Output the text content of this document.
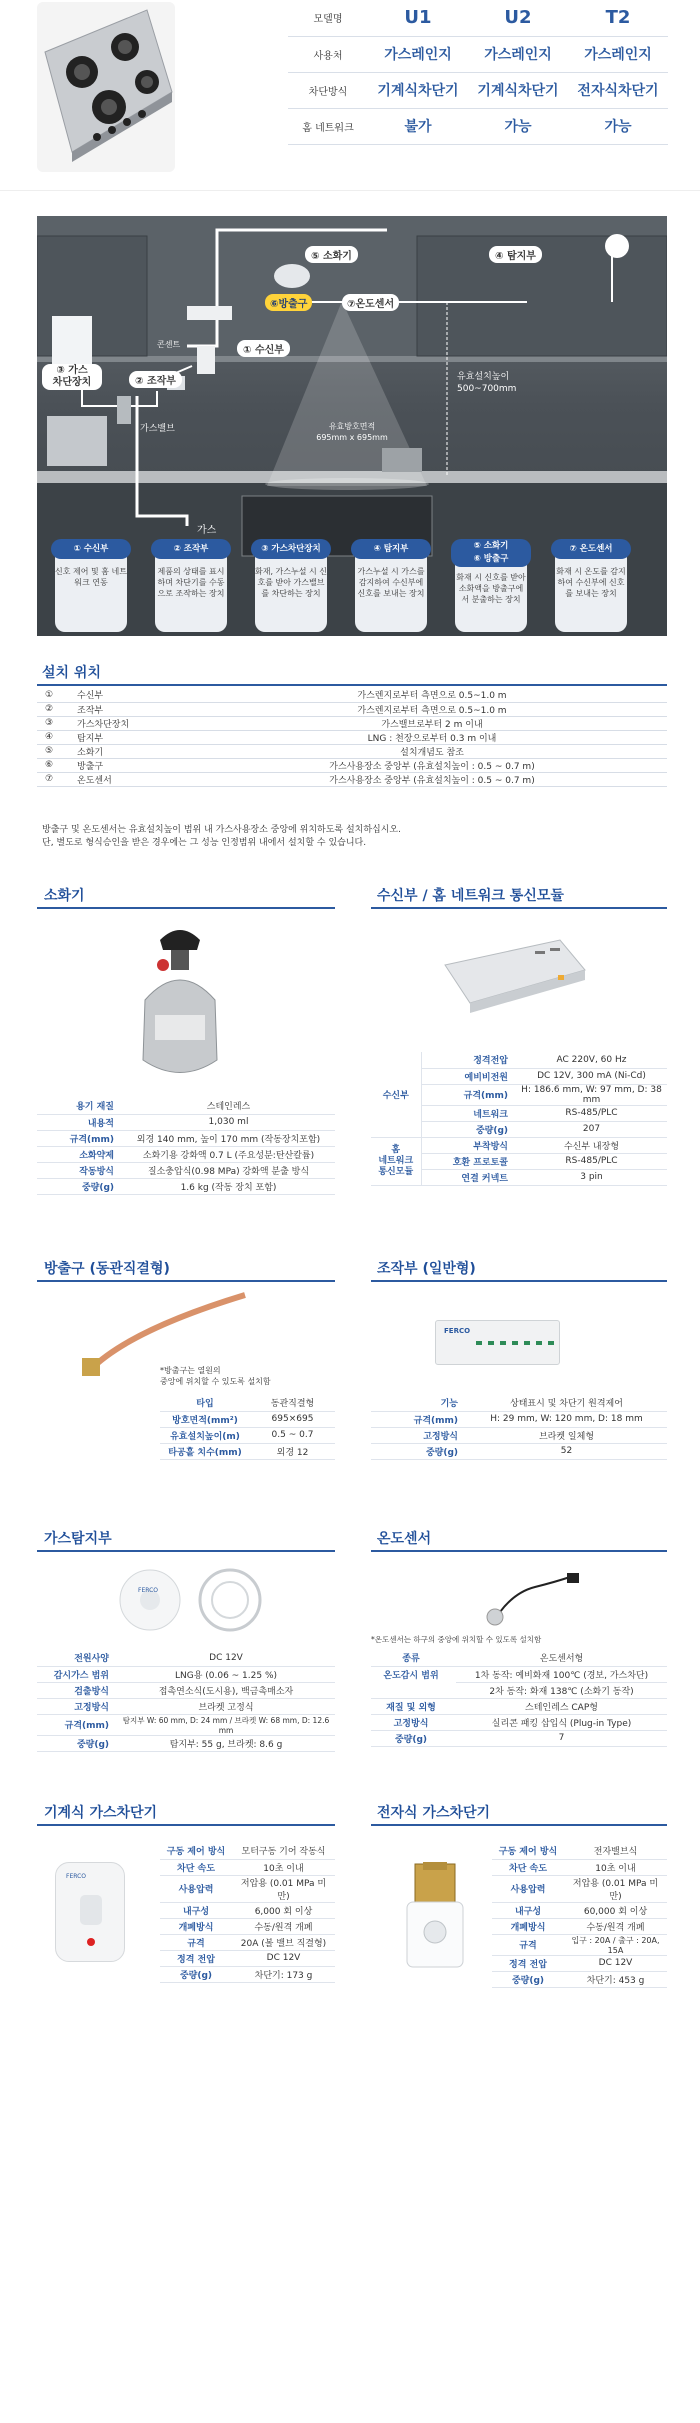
모델명	U1	U2	T2
사용처	가스레인지	가스레인지	가스레인지
차단방식	기계식차단기	기계식차단기	전자식차단기
홈 네트워크	불가	가능	가능
⑤ 소화기	④ 탐지부
⑥방출구	⑦온도센서
콘센트
① 수신부
② 조작부
③ 가스
차단장치
가스밸브
가스
유효설치높이
500~700mm
유효방호면적
695mm x 695mm
① 수신부
신호 제어 및 홈 네트워크 연동
② 조작부
제품의 상태를 표시하며 차단기를 수동으로 조작하는 장치
③ 가스차단장치
화재, 가스누설 시 신호를 받아 가스밸브를 차단하는 장치
④ 탐지부
가스누설 시 가스를 감지하여 수신부에 신호를 보내는 장치
⑤ 소화기
⑥ 방출구
화재 시 신호를 받아 소화액을 방출구에서 분출하는 장치
⑦ 온도센서
화재 시 온도를 감지하여 수신부에 신호를 보내는 장치
설치 위치
①	수신부	가스렌지로부터 측면으로 0.5~1.0 m
②	조작부	가스렌지로부터 측면으로 0.5~1.0 m
③	가스차단장치	가스밸브로부터 2 m 이내
④	탐지부	LNG : 천장으로부터 0.3 m 이내
⑤	소화기	설치개념도 참조
⑥	방출구	가스사용장소 중앙부 (유효설치높이 : 0.5 ~ 0.7 m)
⑦	온도센서	가스사용장소 중앙부 (유효설치높이 : 0.5 ~ 0.7 m)
방출구 및 온도센서는 유효설치높이 범위 내 가스사용장소 중앙에 위치하도록 설치하십시오.
단, 별도로 형식승인을 받은 경우에는 그 성능 인정범위 내에서 설치할 수 있습니다.
소화기
용기 재질	스테인레스
내용적	1,030 ml
규격(mm)	외경 140 mm, 높이 170 mm (작동장치포함)
소화약제	소화기용 강화액 0.7 L (주요성분:탄산칼륨)
작동방식	질소충압식(0.98 MPa) 강화액 분출 방식
중량(g)	1.6 kg (작동 장치 포함)
수신부 / 홈 네트워크 통신모듈
수신부	정격전압	AC 220V, 60 Hz
	예비비전원	DC 12V, 300 mA (Ni-Cd)
	규격(mm)	H: 186.6 mm, W: 97 mm, D: 38 mm
	네트워크	RS-485/PLC
	중량(g)	207
홈
네트워크
통신모듈	부착방식	수신부 내장형
	호환 프로토콜	RS-485/PLC
	연결 커넥트	3 pin
방출구 (동관직결형)
*방출구는 열원의
중앙에 위치할 수 있도록 설치함
타입	동관직결형
방호면적(mm²)	695×695
유효설치높이(m)	0.5 ~ 0.7
타공홀 치수(mm)	외경 12
조작부 (일반형)
FERCO
기능	상태표시 및 차단기 원격제어
규격(mm)	H: 29 mm, W: 120 mm, D: 18 mm
고정방식	브라켓 일체형
중량(g)	52
가스탐지부
FERCO
전원사양	DC 12V
감시가스 범위	LNG용 (0.06 ~ 1.25 %)
검출방식	접촉연소식(도시용), 백금촉매소자
고정방식	브라켓 고정식
규격(mm)	탐지부 W: 60 mm, D: 24 mm / 브라켓 W: 68 mm, D: 12.6 mm
중량(g)	탐지부: 55 g, 브라켓: 8.6 g
온도센서
*온도센서는 하구의 중앙에 위치할 수 있도록 설치함
종류	온도센서형
온도감시 범위	1차 동작: 예비화재 100℃ (경보, 가스차단)
	2차 동작: 화재 138℃ (소화기 동작)
재질 및 외형	스테인레스 CAP형
고정방식	실리콘 패킹 삽입식 (Plug-in Type)
중량(g)	7
기계식 가스차단기
FERCO
구동 제어 방식	모터구동 기어 작동식
차단 속도	10초 이내
사용압력	저압용 (0.01 MPa 미만)
내구성	6,000 회 이상
개폐방식	수동/원격 개폐
규격	20A (볼 밸브 직결형)
정격 전압	DC 12V
중량(g)	차단기: 173 g
전자식 가스차단기
구동 제어 방식	전자밸브식
차단 속도	10초 이내
사용압력	저압용 (0.01 MPa 미만)
내구성	60,000 회 이상
개폐방식	수동/원격 개폐
규격	입구 : 20A / 출구 : 20A, 15A
정격 전압	DC 12V
중량(g)	차단기: 453 g
